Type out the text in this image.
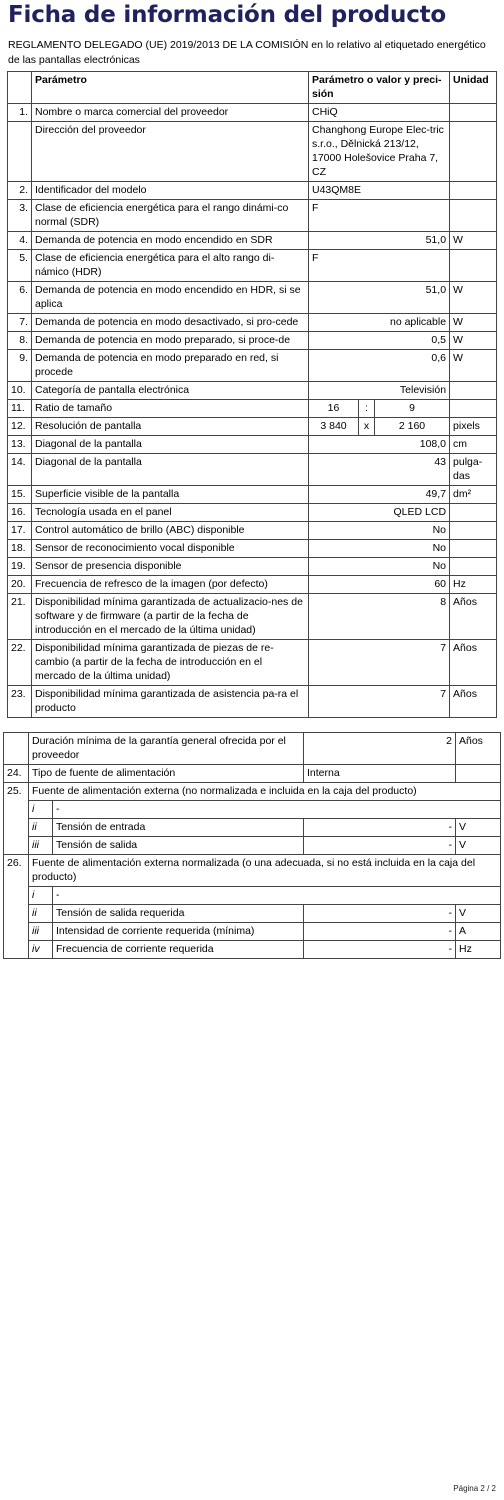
Ficha de información del producto

REGLAMENTO DELEGADO (UE) 2019/2013 DE LA COMISIÓN en lo relativo al etiquetado energético de las pantallas electrónicas

	Parámetro	Parámetro o valor y preci-sión			Unidad
1.	Nombre o marca comercial del proveedor	CHiQ			
	Dirección del proveedor	Changhong Europe Elec-tric s.r.o., Dělnická 213/12, 17000 Holešovice Praha 7, CZ			
2.	Identificador del modelo	U43QM8E			
3.	Clase de eficiencia energética para el rango dinámi-co normal (SDR)	F			
4.	Demanda de potencia en modo encendido en SDR	51,0			W
5.	Clase de eficiencia energética para el alto rango di-námico (HDR)	F			
6.	Demanda de potencia en modo encendido en HDR, si se aplica	51,0			W
7.	Demanda de potencia en modo desactivado, si pro-cede	no aplicable			W
8.	Demanda de potencia en modo preparado, si proce-de	0,5			W
9.	Demanda de potencia en modo preparado en red, si procede	0,6			W
10.	Categoría de pantalla electrónica	Televisión			
11.	Ratio de tamaño	16	:	9	
12.	Resolución de pantalla	3 840	x	2 160	pixels
13.	Diagonal de la pantalla	108,0			cm
14.	Diagonal de la pantalla	43			pulga-das
15.	Superficie visible de la pantalla	49,7			dm²
16.	Tecnología usada en el panel	QLED LCD			
17.	Control automático de brillo (ABC) disponible	No			
18.	Sensor de reconocimiento vocal disponible	No			
19.	Sensor de presencia disponible	No			
20.	Frecuencia de refresco de la imagen (por defecto)	60			Hz
21.	Disponibilidad mínima garantizada de actualizacio-nes de software y de firmware (a partir de la fecha de introducción en el mercado de la última unidad)	8			Años
22.	Disponibilidad mínima garantizada de piezas de re-cambio (a partir de la fecha de introducción en el mercado de la última unidad)	7			Años
23.	Disponibilidad mínima garantizada de asistencia pa-ra el producto	7			Años
	Duración mínima de la garantía general ofrecida por el proveedor		2	Años
24.	Tipo de fuente de alimentación		Interna	
25.	Fuente de alimentación externa (no normalizada e incluida en la caja del producto)			
	i	-		
	ii	Tensión de entrada	-	V
	iii	Tensión de salida	-	V
26.	Fuente de alimentación externa normalizada (o una adecuada, si no está incluida en la caja del producto)			
	i	-		
	ii	Tensión de salida requerida	-	V
	iii	Intensidad de corriente requerida (mínima)	-	A
	iv	Frecuencia de corriente requerida	-	Hz
Página 2 / 2
